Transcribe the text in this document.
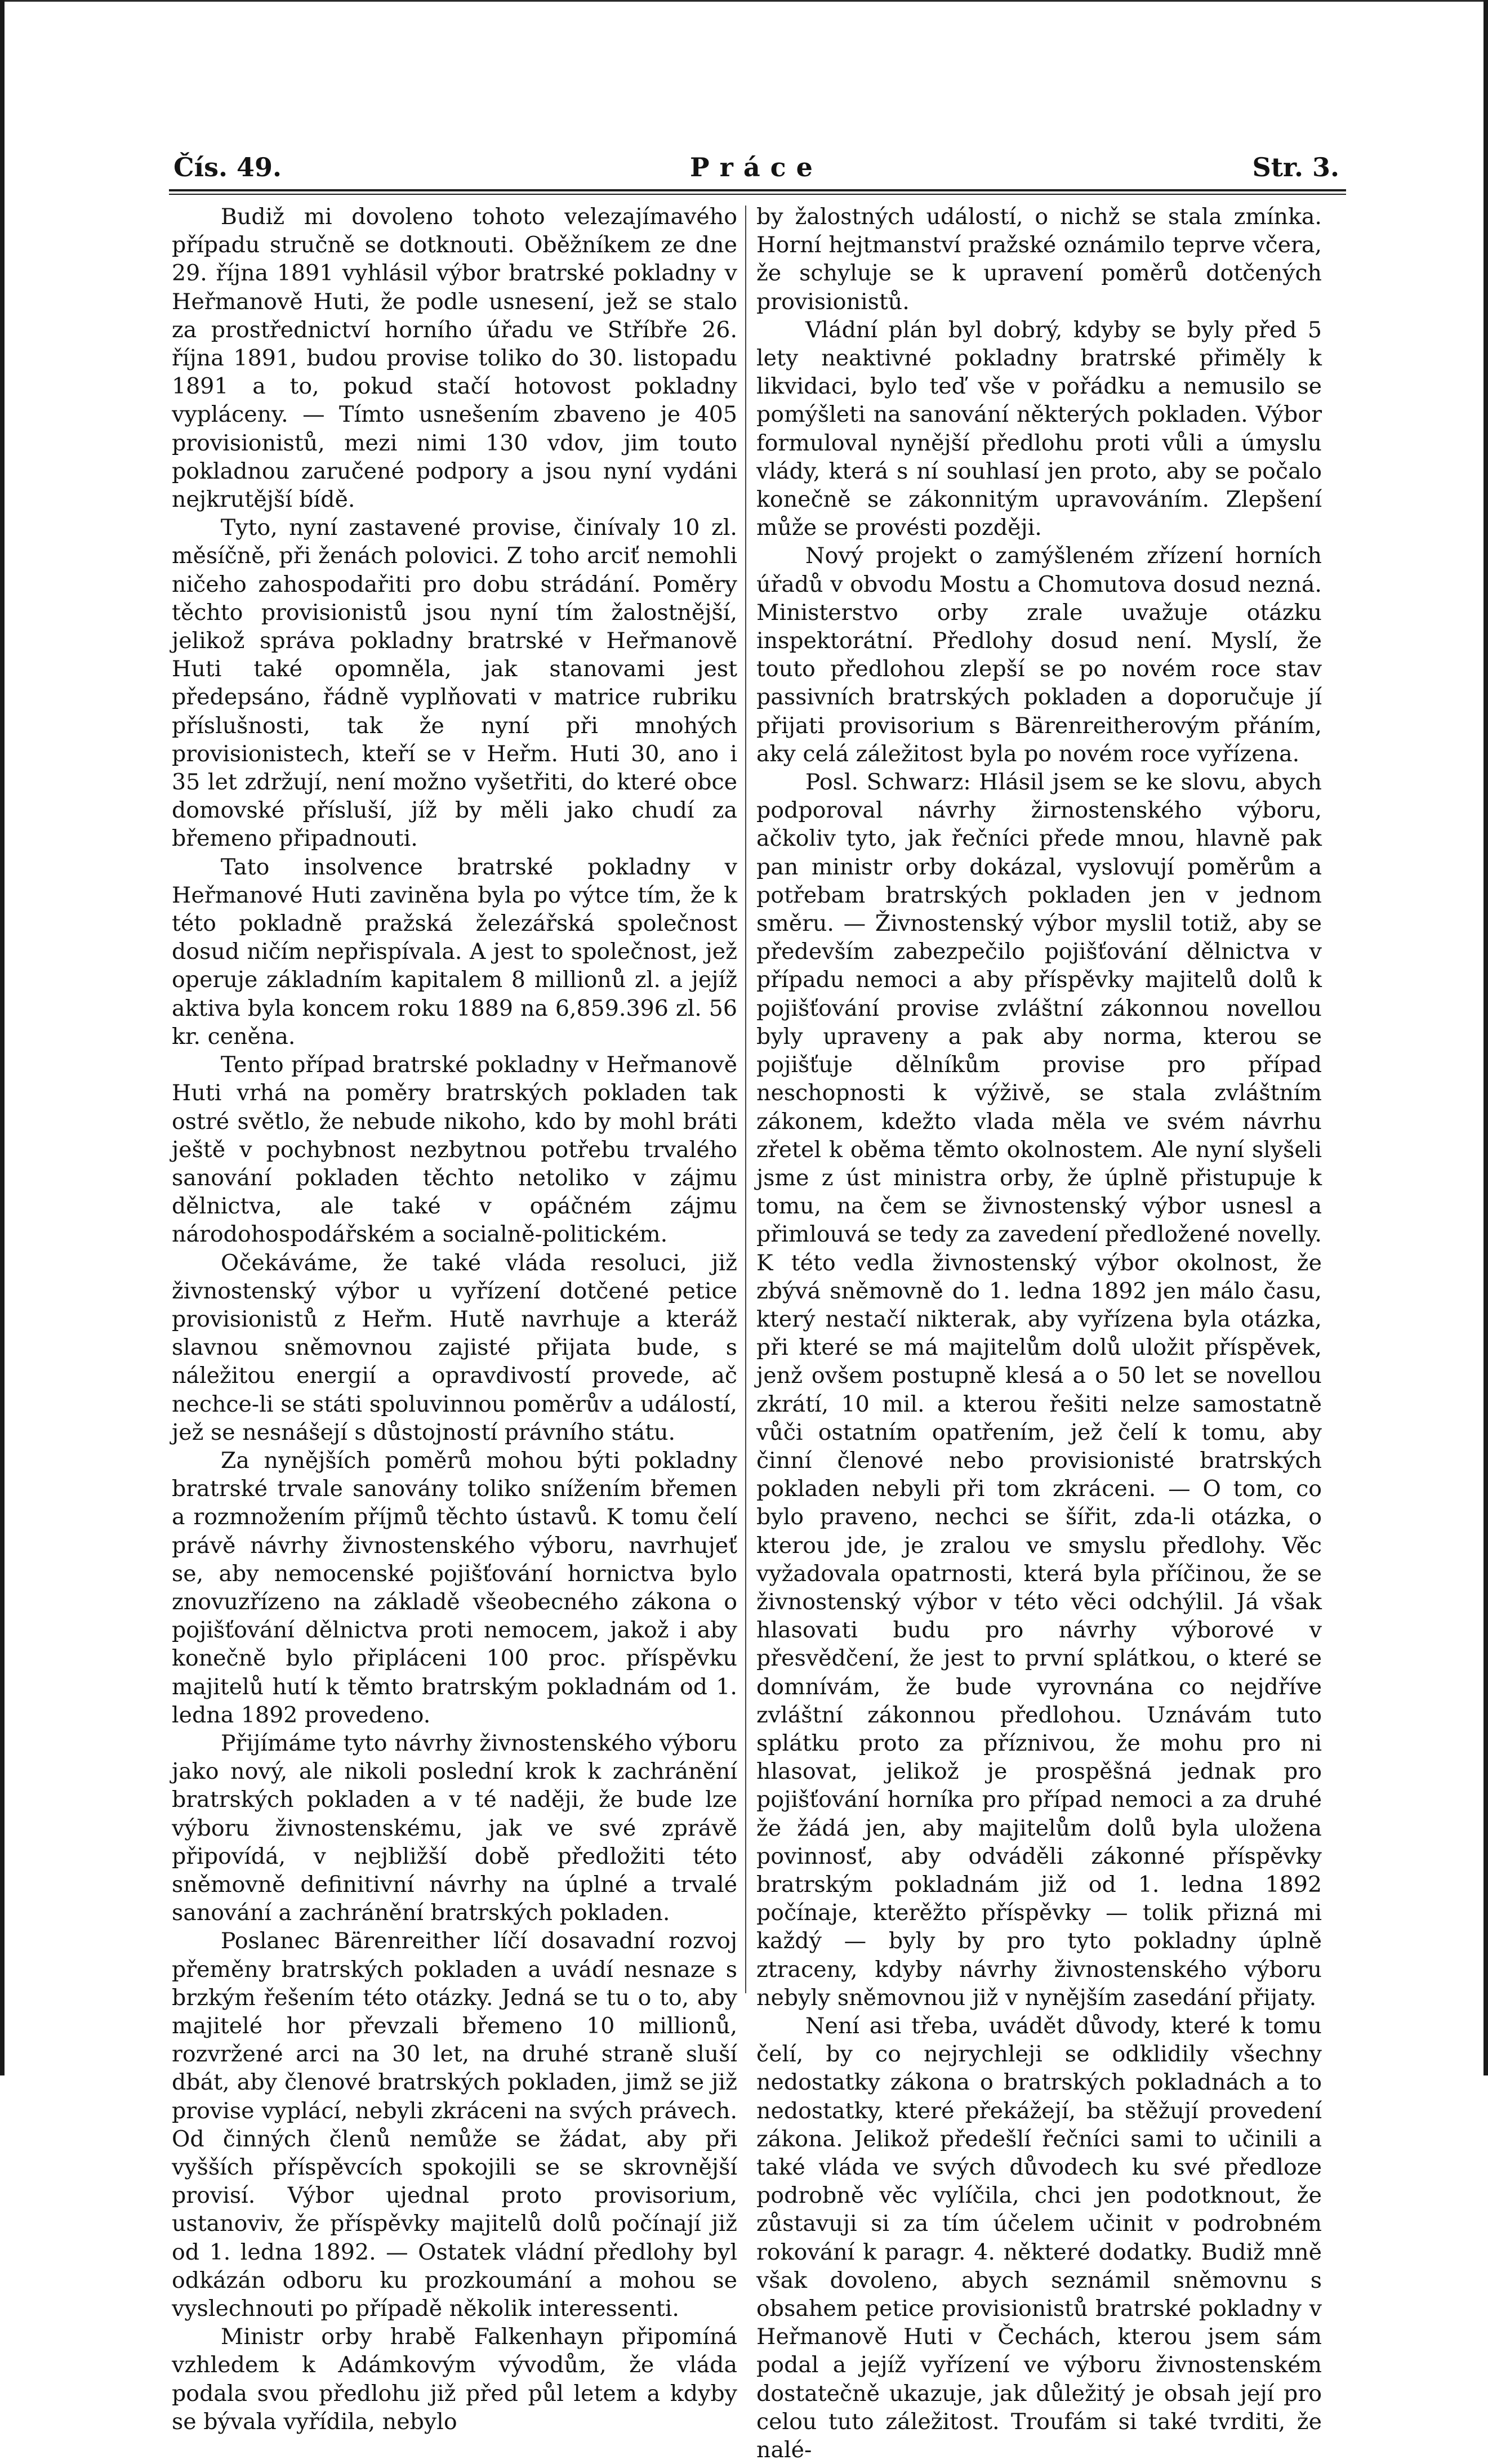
Čís. 49.	Práce	Str. 3.

Budiž mi dovoleno tohoto velezajímavého případu stručně se dotknouti. Oběžníkem ze dne 29. října 1891 vyhlásil výbor bratrské pokladny v Heřmanově Huti, že podle usnesení, jež se stalo za prostřednictví horního úřadu ve Stříbře 26. října 1891, budou provise toliko do 30. listopadu 1891 a to, pokud stačí hotovost pokladny vypláceny. — Tímto usnešením zbaveno je 405 provisionistů, mezi nimi 130 vdov, jim touto pokladnou zaručené podpory a jsou nyní vydáni nejkrutější bídě.

Tyto, nyní zastavené provise, činívaly 10 zl. měsíčně, při ženách polovici. Z toho arciť nemohli ničeho zahospodařiti pro dobu strádání. Poměry těchto provisionistů jsou nyní tím žalostnější, jelikož správa pokladny bratrské v Heřmanově Huti také opomněla, jak stanovami jest předepsáno, řádně vyplňovati v matrice rubriku příslušnosti, tak že nyní při mnohých provisionistech, kteří se v Heřm. Huti 30, ano i 35 let zdržují, není možno vyšetřiti, do které obce domovské přísluší, jíž by měli jako chudí za břemeno připadnouti.

Tato insolvence bratrské pokladny v Heřmanové Huti zaviněna byla po výtce tím, že k této pokladně pražská železářská společnost dosud ničím nepřispívala. A jest to společnost, jež operuje základním kapitalem 8 millionů zl. a jejíž aktiva byla koncem roku 1889 na 6,859.396 zl. 56 kr. ceněna.

Tento případ bratrské pokladny v Heřmanově Huti vrhá na poměry bratrských pokladen tak ostré světlo, že nebude nikoho, kdo by mohl bráti ještě v pochybnost nezbytnou potřebu trvalého sanování pokladen těchto netoliko v zájmu dělnictva, ale také v opáčném zájmu národohospodářském a socialně-politickém.

Očekáváme, že také vláda resoluci, již živnostenský výbor u vyřízení dotčené petice provisionistů z Heřm. Hutě navrhuje a kteráž slavnou sněmovnou zajisté přijata bude, s náležitou energií a opravdivostí provede, ač nechce-li se státi spoluvinnou poměrův a událostí, jež se nesnášejí s důstojností právního státu.

Za nynějších poměrů mohou býti pokladny bratrské trvale sanovány toliko snížením břemen a rozmnožením příjmů těchto ústavů. K tomu čelí právě návrhy živnostenského výboru, navrhujeť se, aby nemocenské pojišťování hornictva bylo znovuzřízeno na základě všeobecného zákona o pojišťování dělnictva proti nemocem, jakož i aby konečně bylo připláceni 100 proc. příspěvku majitelů hutí k těmto bratrským pokladnám od 1. ledna 1892 provedeno.

Přijímáme tyto návrhy živnostenského výboru jako nový, ale nikoli poslední krok k zachránění bratrských pokladen a v té naději, že bude lze výboru živnostenskému, jak ve své zprávě připovídá, v nejbližší době předložiti této sněmovně definitivní návrhy na úplné a trvalé sanování a zachránění bratrských pokladen.

Poslanec Bärenreither líčí dosavadní rozvoj přeměny bratrských pokladen a uvádí nesnaze s brzkým řešením této otázky. Jedná se tu o to, aby majitelé hor převzali břemeno 10 millionů, rozvržené arci na 30 let, na druhé straně sluší dbát, aby členové bratrských pokladen, jimž se již provise vyplácí, nebyli zkráceni na svých právech. Od činných členů nemůže se žádat, aby při vyšších příspěvcích spokojili se se skrovnější provisí. Výbor ujednal proto provisorium, ustanoviv, že příspěvky majitelů dolů počínají již od 1. ledna 1892. — Ostatek vládní předlohy byl odkázán odboru ku prozkoumání a mohou se vyslechnouti po případě několik interessenti.

Ministr orby hrabě Falkenhayn připomíná vzhledem k Adámkovým vývodům, že vláda podala svou předlohu již před půl letem a kdyby se bývala vyřídila, nebylo

by žalostných událostí, o nichž se stala zmínka. Horní hejtmanství pražské oznámilo teprve včera, že schyluje se k upravení poměrů dotčených provisionistů.

Vládní plán byl dobrý, kdyby se byly před 5 lety neaktivné pokladny bratrské přiměly k likvidaci, bylo teď vše v pořádku a nemusilo se pomýšleti na sanování některých pokladen. Výbor formuloval nynější předlohu proti vůli a úmyslu vlády, která s ní souhlasí jen proto, aby se počalo konečně se zákonnitým upravováním. Zlepšení může se provésti později.

Nový projekt o zamýšleném zřízení horních úřadů v obvodu Mostu a Chomutova dosud nezná. Ministerstvo orby zrale uvažuje otázku inspektorátní. Předlohy dosud není. Myslí, že touto předlohou zlepší se po novém roce stav passivních bratrských pokladen a doporučuje jí přijati provisorium s Bärenreitherovým přáním, aky celá záležitost byla po novém roce vyřízena.

Posl. Schwarz: Hlásil jsem se ke slovu, abych podporoval návrhy žirnostenského výboru, ačkoliv tyto, jak řečníci přede mnou, hlavně pak pan ministr orby dokázal, vyslovují poměrům a potřebam bratrských pokladen jen v jednom směru. — Živnostenský výbor myslil totiž, aby se především zabezpečilo pojišťování dělnictva v případu nemoci a aby příspěvky majitelů dolů k pojišťování provise zvláštní zákonnou novellou byly upraveny a pak aby norma, kterou se pojišťuje dělníkům provise pro případ neschopnosti k výživě, se stala zvláštním zákonem, kdežto vlada měla ve svém návrhu zřetel k oběma těmto okolnostem. Ale nyní slyšeli jsme z úst ministra orby, že úplně přistupuje k tomu, na čem se živnostenský výbor usnesl a přimlouvá se tedy za zavedení předložené novelly. K této vedla živnostenský výbor okolnost, že zbývá sněmovně do 1. ledna 1892 jen málo času, který nestačí nikterak, aby vyřízena byla otázka, při které se má majitelům dolů uložit příspěvek, jenž ovšem postupně klesá a o 50 let se novellou zkrátí, 10 mil. a kterou řešiti nelze samostatně vůči ostatním opatřením, jež čelí k tomu, aby činní členové nebo provisionisté bratrských pokladen nebyli při tom zkráceni. — O tom, co bylo praveno, nechci se šířit, zda-li otázka, o kterou jde, je zralou ve smyslu předlohy. Věc vyžadovala opatrnosti, která byla příčinou, že se živnostenský výbor v této věci odchýlil. Já však hlasovati budu pro návrhy výborové v přesvědčení, že jest to první splátkou, o které se domnívám, že bude vyrovnána co nejdříve zvláštní zákonnou předlohou. Uznávám tuto splátku proto za příznivou, že mohu pro ni hlasovat, jelikož je prospěšná jednak pro pojišťování horníka pro případ nemoci a za druhé že žádá jen, aby majitelům dolů byla uložena povinnosť, aby odváděli zákonné příspěvky bratrským pokladnám již od 1. ledna 1892 počínaje, kterěžto příspěvky — tolik přizná mi každý — byly by pro tyto pokladny úplně ztraceny, kdyby návrhy živnostenského výboru nebyly sněmovnou již v nynějším zasedání přijaty.

Není asi třeba, uvádět důvody, které k tomu čelí, by co nejrychleji se odklidily všechny nedostatky zákona o bratrských pokladnách a to nedostatky, které překážejí, ba stěžují provedení zákona. Jelikož předešlí řečníci sami to učinili a také vláda ve svých důvodech ku své předloze podrobně věc vylíčila, chci jen podotknout, že zůstavuji si za tím účelem učinit v podrobném rokování k paragr. 4. některé dodatky. Budiž mně však dovoleno, abych seznámil sněmovnu s obsahem petice provisionistů bratrské pokladny v Heřmanově Huti v Čechách, kterou jsem sám podal a jejíž vyřízení ve výboru živnostenském dostatečně ukazuje, jak důležitý je obsah její pro celou tuto záležitost. Troufám si také tvrditi, že nalé-
